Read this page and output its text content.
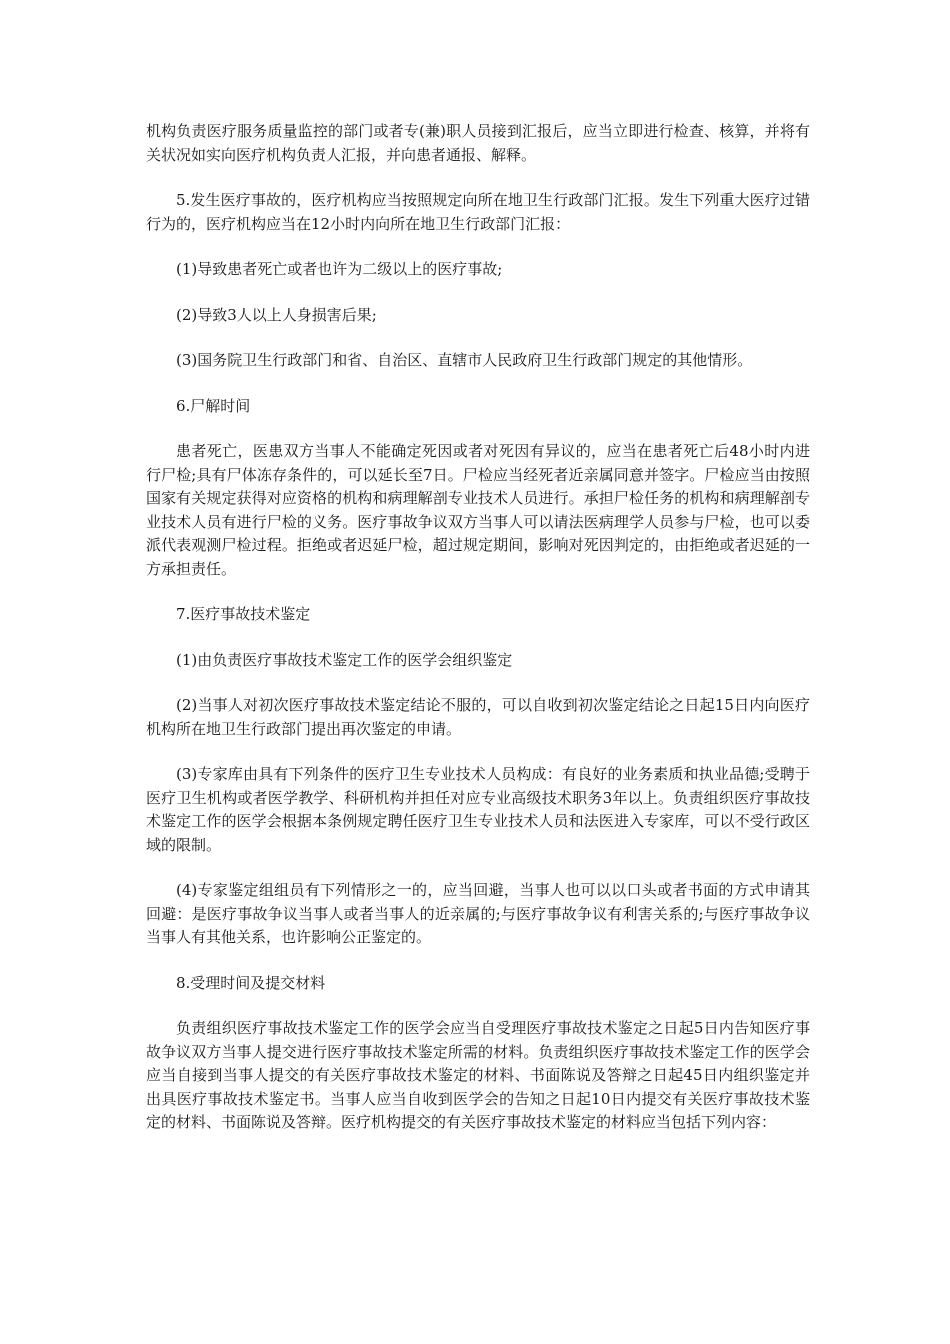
机构负责医疗服务质量监控的部门或者专(兼)职人员接到汇报后，应当立即进行检查、核算，并将有关状况如实向医疗机构负责人汇报，并向患者通报、解释。

5.发生医疗事故的，医疗机构应当按照规定向所在地卫生行政部门汇报。发生下列重大医疗过错行为的，医疗机构应当在12小时内向所在地卫生行政部门汇报：

(1)导致患者死亡或者也许为二级以上的医疗事故;

(2)导致3人以上人身损害后果;

(3)国务院卫生行政部门和省、自治区、直辖市人民政府卫生行政部门规定的其他情形。

6.尸解时间

患者死亡，医患双方当事人不能确定死因或者对死因有异议的，应当在患者死亡后48小时内进行尸检;具有尸体冻存条件的，可以延长至7日。尸检应当经死者近亲属同意并签字。尸检应当由按照国家有关规定获得对应资格的机构和病理解剖专业技术人员进行。承担尸检任务的机构和病理解剖专业技术人员有进行尸检的义务。医疗事故争议双方当事人可以请法医病理学人员参与尸检，也可以委派代表观测尸检过程。拒绝或者迟延尸检，超过规定期间，影响对死因判定的，由拒绝或者迟延的一方承担责任。

7.医疗事故技术鉴定

(1)由负责医疗事故技术鉴定工作的医学会组织鉴定

(2)当事人对初次医疗事故技术鉴定结论不服的，可以自收到初次鉴定结论之日起15日内向医疗机构所在地卫生行政部门提出再次鉴定的申请。

(3)专家库由具有下列条件的医疗卫生专业技术人员构成：有良好的业务素质和执业品德;受聘于医疗卫生机构或者医学教学、科研机构并担任对应专业高级技术职务3年以上。负责组织医疗事故技术鉴定工作的医学会根据本条例规定聘任医疗卫生专业技术人员和法医进入专家库，可以不受行政区域的限制。

(4)专家鉴定组组员有下列情形之一的，应当回避，当事人也可以以口头或者书面的方式申请其回避：是医疗事故争议当事人或者当事人的近亲属的;与医疗事故争议有利害关系的;与医疗事故争议当事人有其他关系，也许影响公正鉴定的。

8.受理时间及提交材料

负责组织医疗事故技术鉴定工作的医学会应当自受理医疗事故技术鉴定之日起5日内告知医疗事故争议双方当事人提交进行医疗事故技术鉴定所需的材料。负责组织医疗事故技术鉴定工作的医学会应当自接到当事人提交的有关医疗事故技术鉴定的材料、书面陈说及答辩之日起45日内组织鉴定并出具医疗事故技术鉴定书。当事人应当自收到医学会的告知之日起10日内提交有关医疗事故技术鉴定的材料、书面陈说及答辩。医疗机构提交的有关医疗事故技术鉴定的材料应当包括下列内容：
